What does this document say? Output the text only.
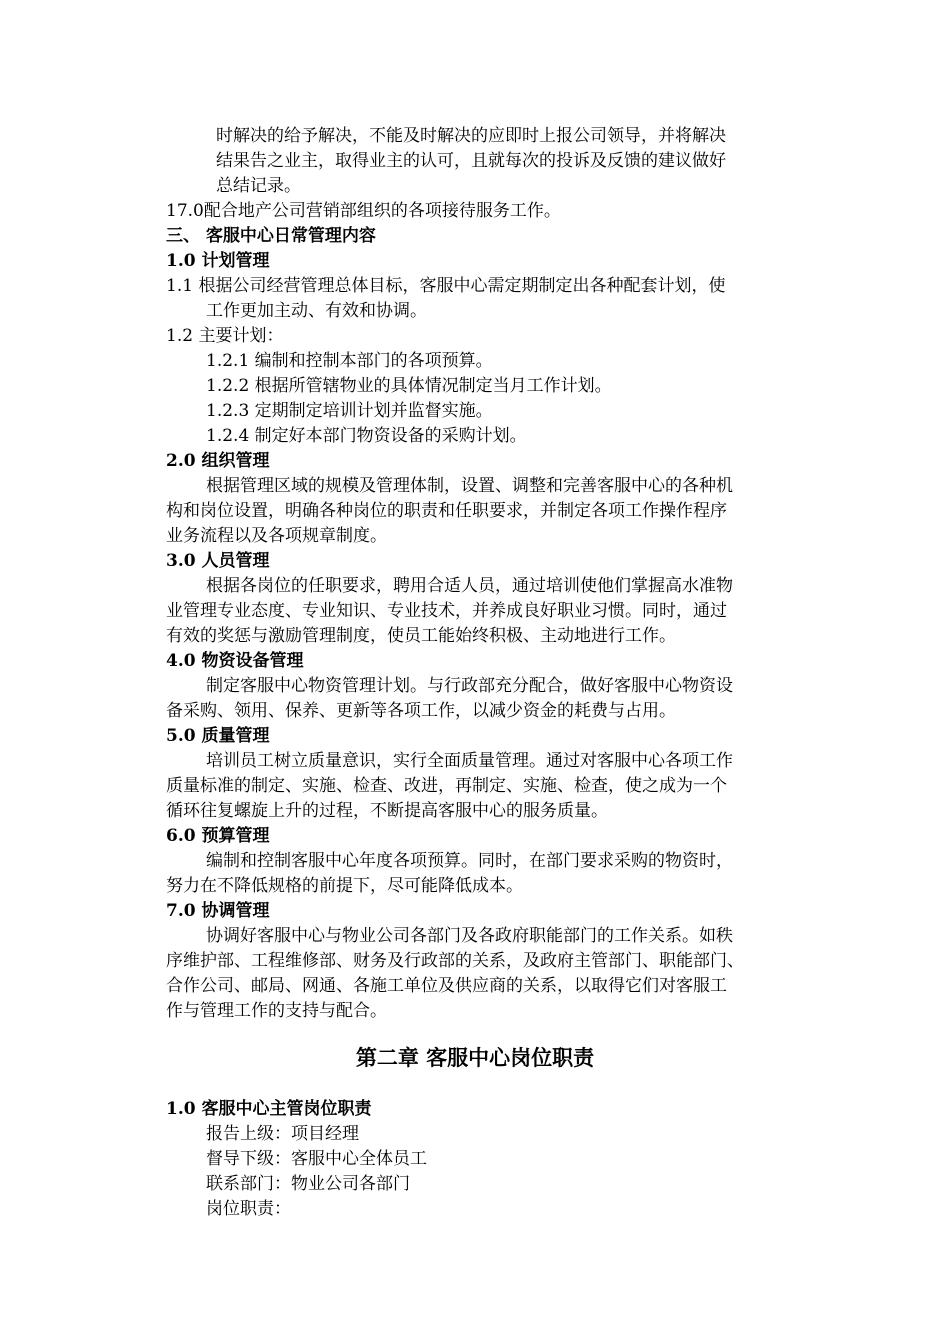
时解决的给予解决，不能及时解决的应即时上报公司领导，并将解决
结果告之业主，取得业主的认可，且就每次的投诉及反馈的建议做好
总结记录。
17.0配合地产公司营销部组织的各项接待服务工作。
三、 客服中心日常管理内容
1.0 计划管理
1.1 根据公司经营管理总体目标，客服中心需定期制定出各种配套计划，使
工作更加主动、有效和协调。
1.2 主要计划：
1.2.1 编制和控制本部门的各项预算。
1.2.2 根据所管辖物业的具体情况制定当月工作计划。
1.2.3 定期制定培训计划并监督实施。
1.2.4 制定好本部门物资设备的采购计划。
2.0 组织管理
根据管理区域的规模及管理体制，设置、调整和完善客服中心的各种机
构和岗位设置，明确各种岗位的职责和任职要求，并制定各项工作操作程序
业务流程以及各项规章制度。
3.0 人员管理
根据各岗位的任职要求，聘用合适人员，通过培训使他们掌握高水准物
业管理专业态度、专业知识、专业技术，并养成良好职业习惯。同时，通过
有效的奖惩与激励管理制度，使员工能始终积极、主动地进行工作。
4.0 物资设备管理
制定客服中心物资管理计划。与行政部充分配合，做好客服中心物资设
备采购、领用、保养、更新等各项工作，以减少资金的耗费与占用。
5.0 质量管理
培训员工树立质量意识，实行全面质量管理。通过对客服中心各项工作
质量标准的制定、实施、检查、改进，再制定、实施、检查，使之成为一个
循环往复螺旋上升的过程，不断提高客服中心的服务质量。
6.0 预算管理
编制和控制客服中心年度各项预算。同时，在部门要求采购的物资时，
努力在不降低规格的前提下，尽可能降低成本。
7.0 协调管理
协调好客服中心与物业公司各部门及各政府职能部门的工作关系。如秩
序维护部、工程维修部、财务及行政部的关系，及政府主管部门、职能部门、
合作公司、邮局、网通、各施工单位及供应商的关系，以取得它们对客服工
作与管理工作的支持与配合。
第二章 客服中心岗位职责
1.0 客服中心主管岗位职责
报告上级：项目经理
督导下级：客服中心全体员工
联系部门：物业公司各部门
岗位职责：
